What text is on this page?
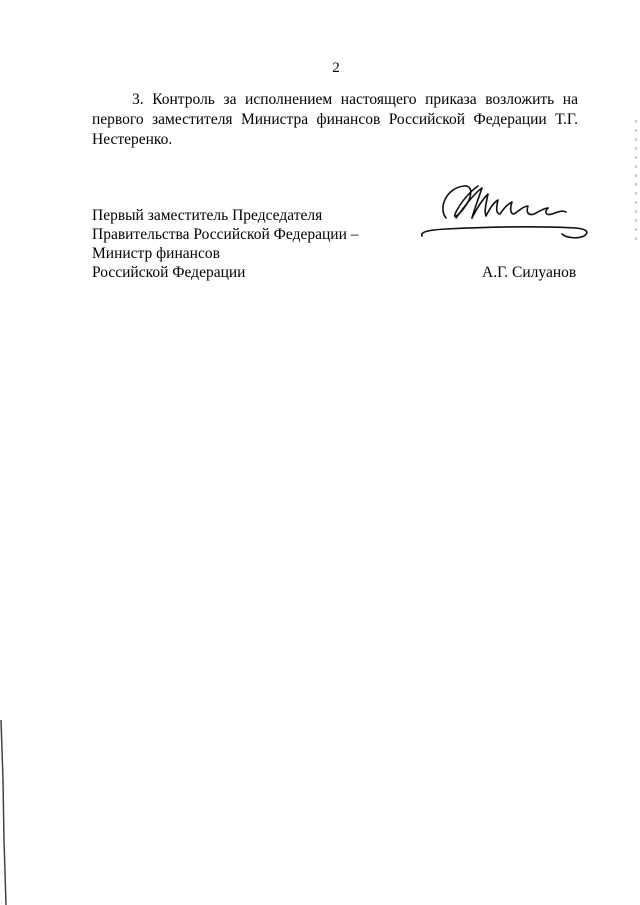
2
3. Контроль за исполнением настоящего приказа возложить на первого заместителя Министра финансов Российской Федерации Т.Г. Нестеренко.
Первый заместитель Председателя
Правительства Российской Федерации –
Министр финансов
Российской Федерации	А.Г. Силуанов
